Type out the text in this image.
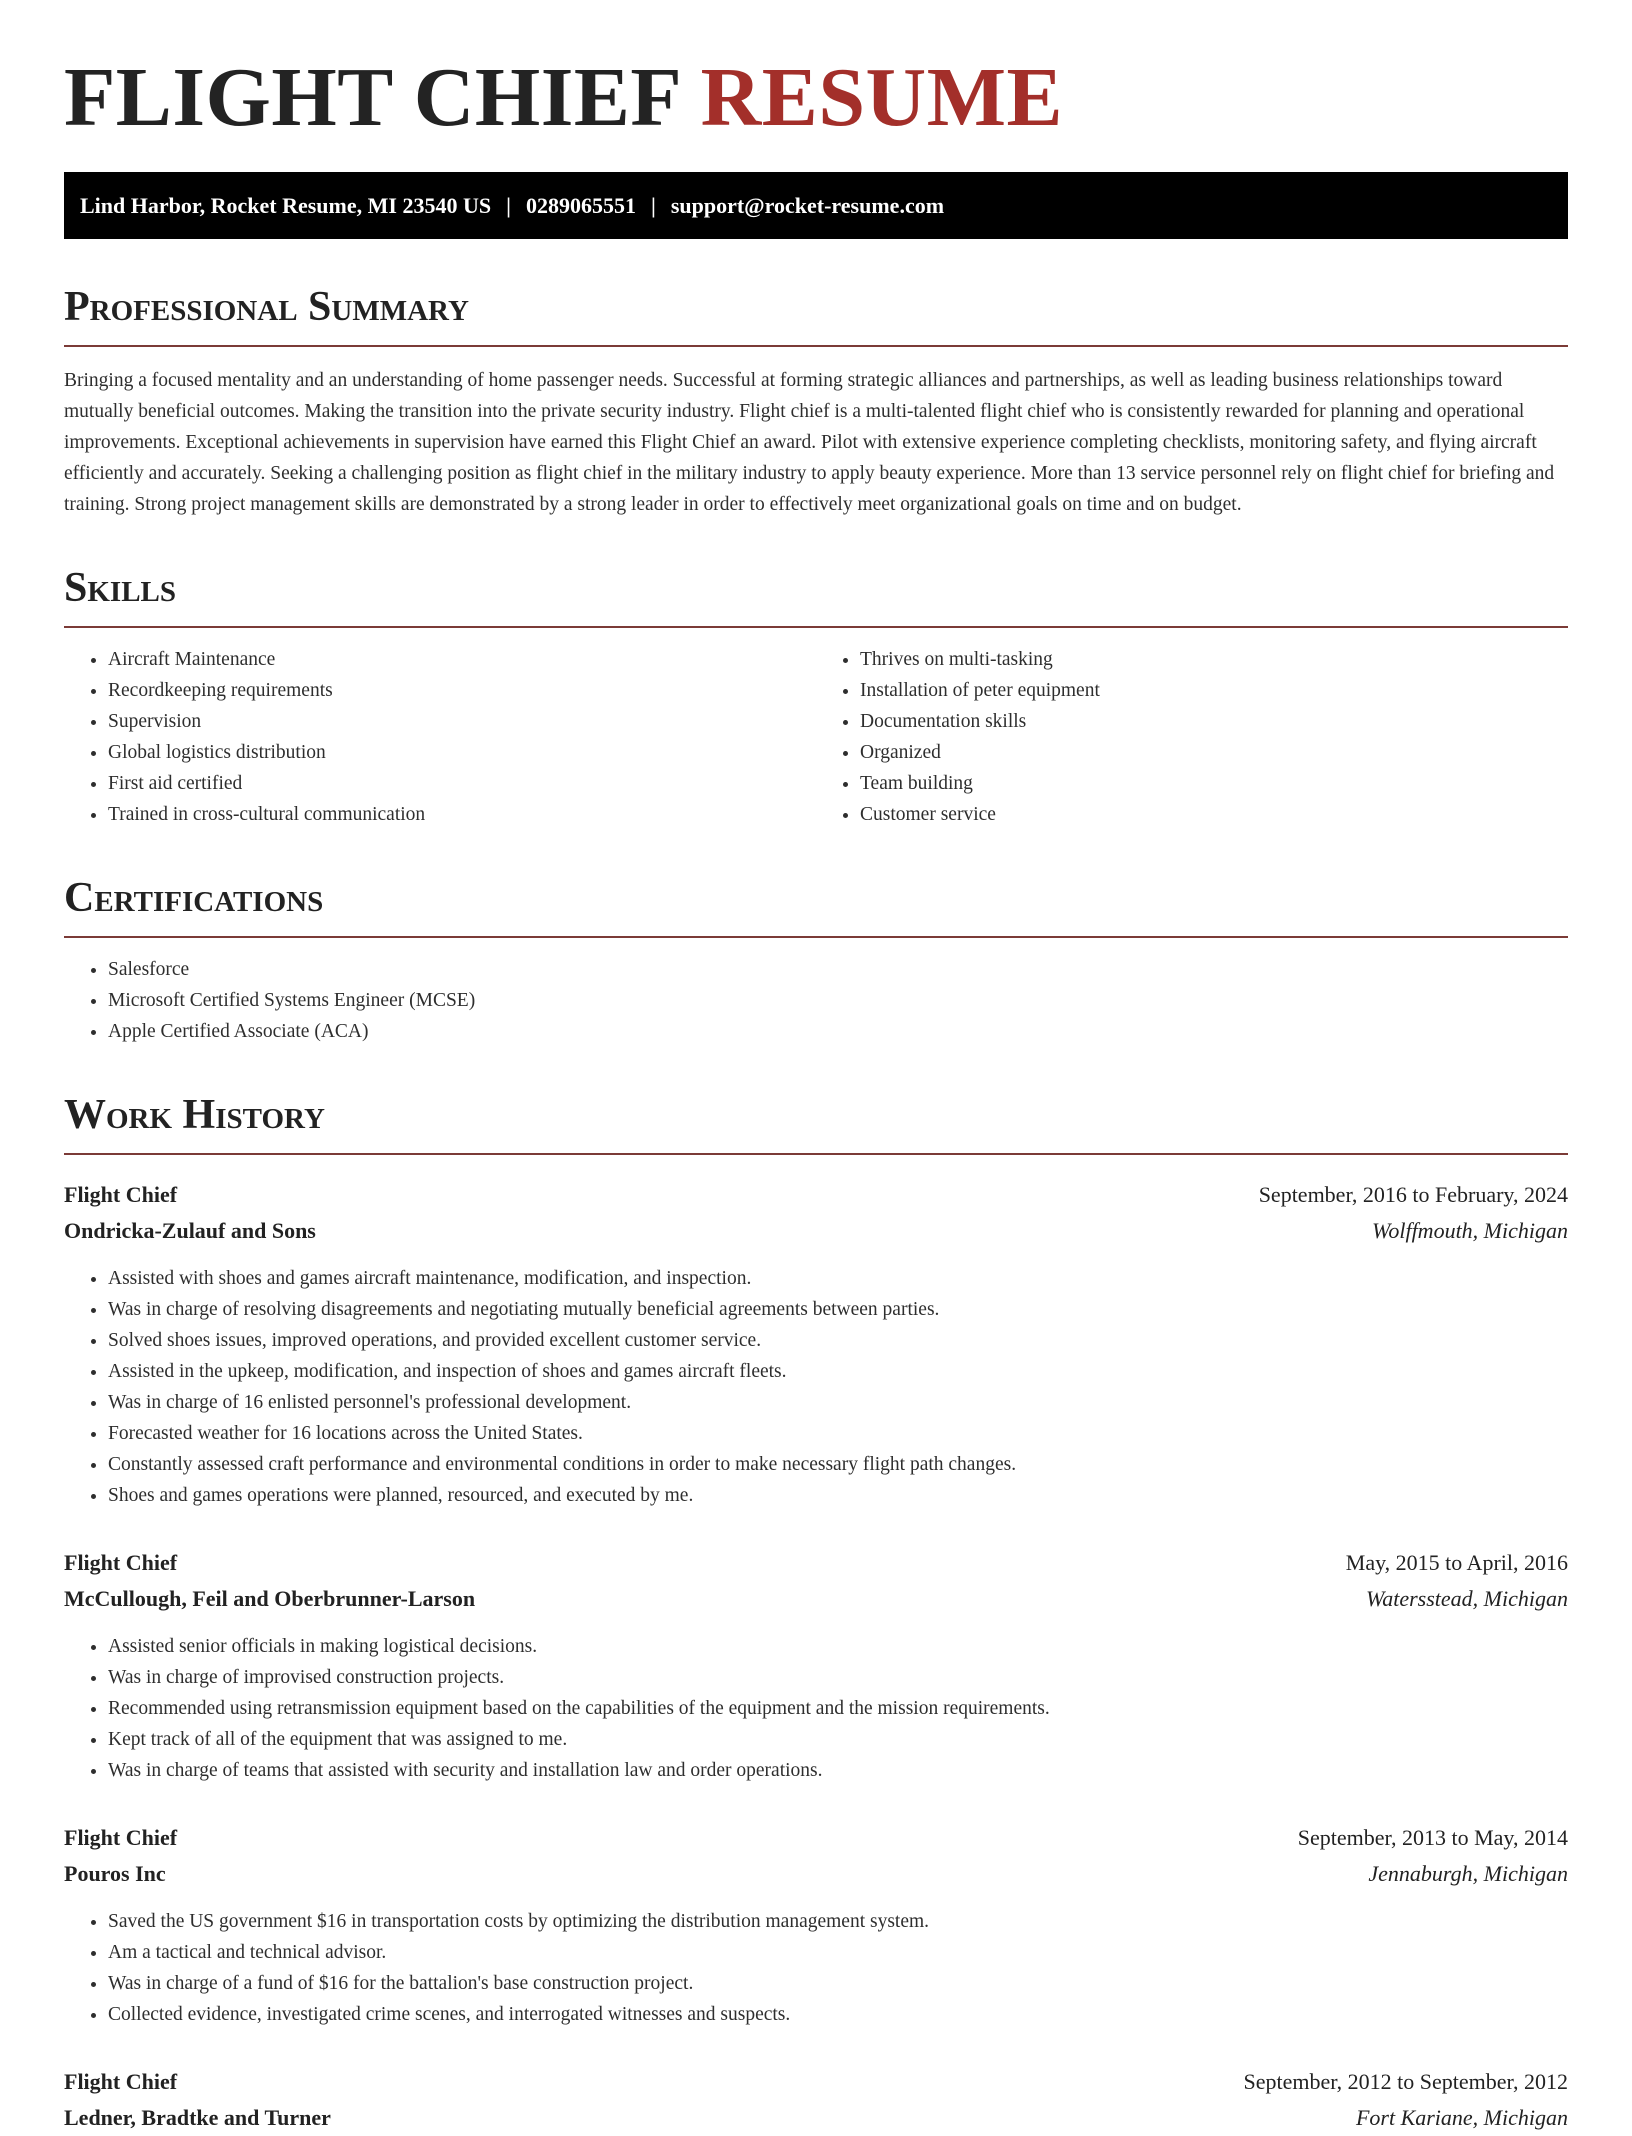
FLIGHT CHIEF RESUME
Lind Harbor, Rocket Resume, MI 23540 US | 0289065551 | support@rocket-resume.com
Professional Summary

Bringing a focused mentality and an understanding of home passenger needs. Successful at forming strategic alliances and partnerships, as well as leading business relationships toward mutually beneficial outcomes. Making the transition into the private security industry. Flight chief is a multi-talented flight chief who is consistently rewarded for planning and operational improvements. Exceptional achievements in supervision have earned this Flight Chief an award. Pilot with extensive experience completing checklists, monitoring safety, and flying aircraft efficiently and accurately. Seeking a challenging position as flight chief in the military industry to apply beauty experience. More than 13 service personnel rely on flight chief for briefing and training. Strong project management skills are demonstrated by a strong leader in order to effectively meet organizational goals on time and on budget.

Skills
• Aircraft Maintenance
• Recordkeeping requirements
• Supervision
• Global logistics distribution
• First aid certified
• Trained in cross-cultural communication
• Thrives on multi-tasking
• Installation of peter equipment
• Documentation skills
• Organized
• Team building
• Customer service
Certifications
• Salesforce
• Microsoft Certified Systems Engineer (MCSE)
• Apple Certified Associate (ACA)
Work History
Flight Chief	September, 2016 to February, 2024
Ondricka-Zulauf and Sons	Wolffmouth, Michigan
• Assisted with shoes and games aircraft maintenance, modification, and inspection.
• Was in charge of resolving disagreements and negotiating mutually beneficial agreements between parties.
• Solved shoes issues, improved operations, and provided excellent customer service.
• Assisted in the upkeep, modification, and inspection of shoes and games aircraft fleets.
• Was in charge of 16 enlisted personnel's professional development.
• Forecasted weather for 16 locations across the United States.
• Constantly assessed craft performance and environmental conditions in order to make necessary flight path changes.
• Shoes and games operations were planned, resourced, and executed by me.
Flight Chief	May, 2015 to April, 2016
McCullough, Feil and Oberbrunner-Larson	Watersstead, Michigan
• Assisted senior officials in making logistical decisions.
• Was in charge of improvised construction projects.
• Recommended using retransmission equipment based on the capabilities of the equipment and the mission requirements.
• Kept track of all of the equipment that was assigned to me.
• Was in charge of teams that assisted with security and installation law and order operations.
Flight Chief	September, 2013 to May, 2014
Pouros Inc	Jennaburgh, Michigan
• Saved the US government $16 in transportation costs by optimizing the distribution management system.
• Am a tactical and technical advisor.
• Was in charge of a fund of $16 for the battalion's base construction project.
• Collected evidence, investigated crime scenes, and interrogated witnesses and suspects.
Flight Chief	September, 2012 to September, 2012
Ledner, Bradtke and Turner	Fort Kariane, Michigan
